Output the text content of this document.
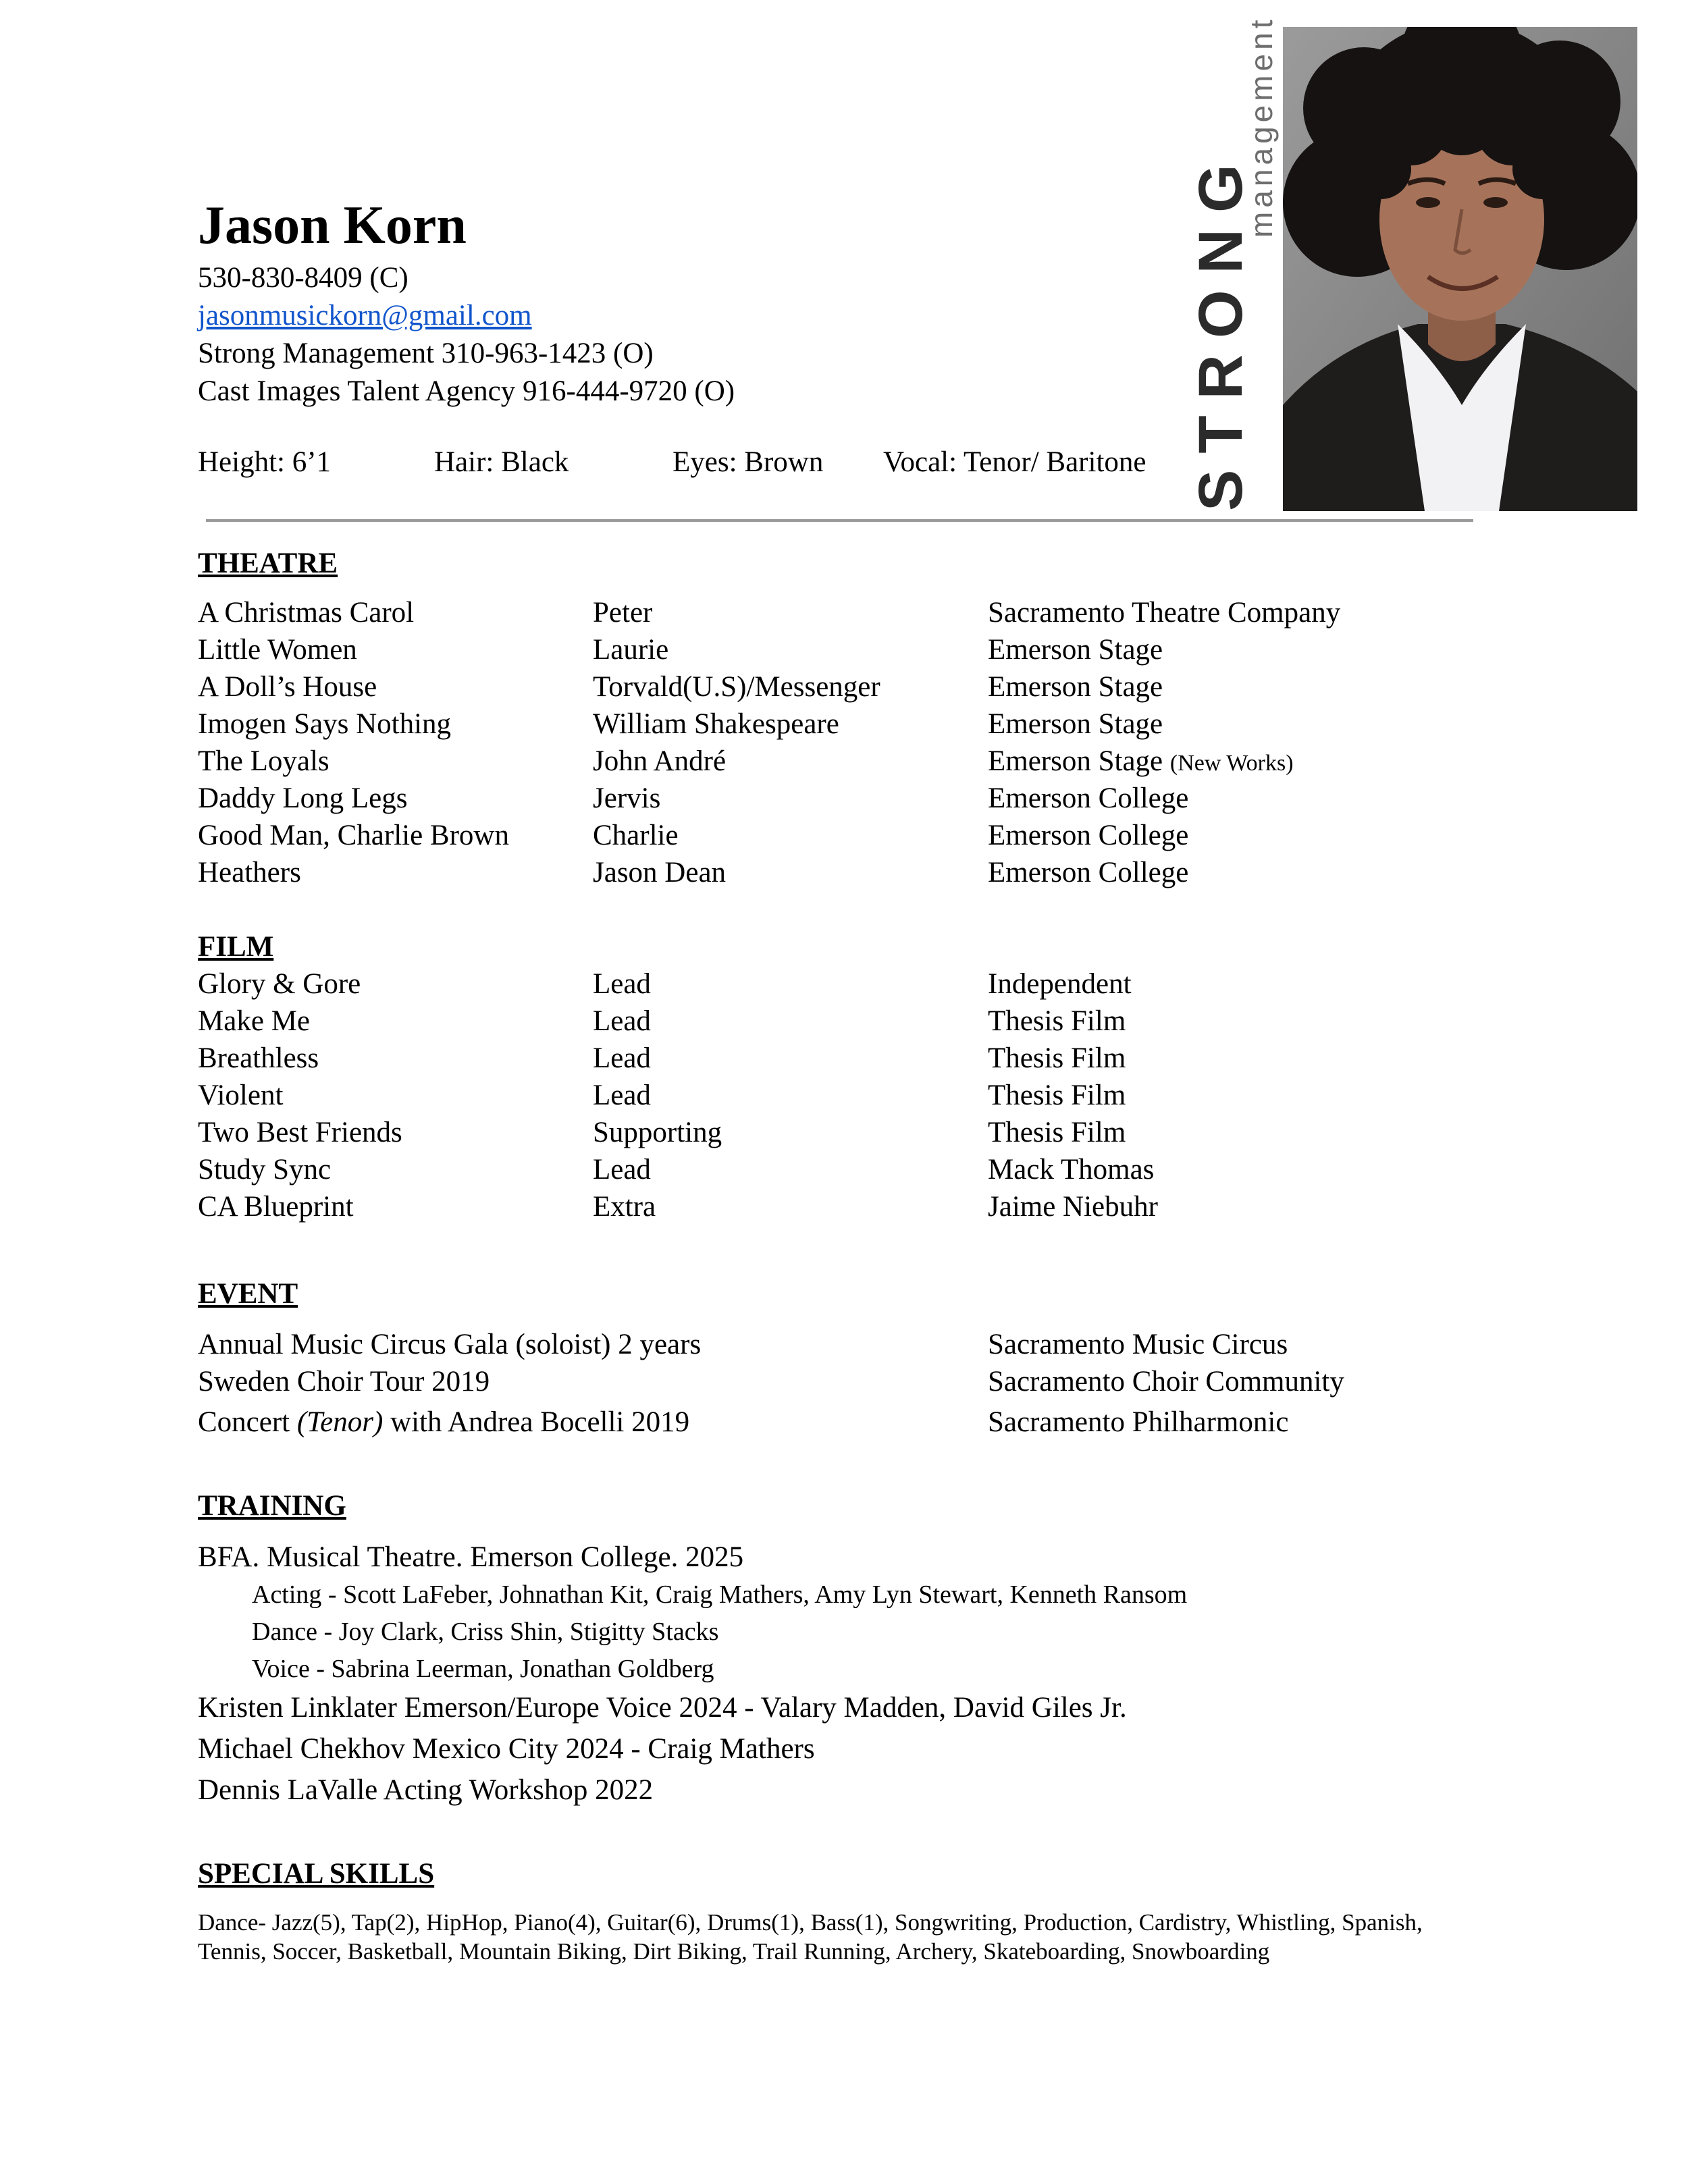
Jason Korn
530-830-8409 (C)
jasonmusickorn@gmail.com
Strong Management 310-963-1423 (O)
Cast Images Talent Agency 916-444-9720 (O)
Height: 6’1	Hair: Black	Eyes: Brown Vocal: Tenor/ Baritone STRONG
management
THEATRE
A Christmas Carol	Peter	Sacramento Theatre Company
Little Women	Laurie	Emerson Stage
A Doll’s House	Torvald(U.S)/Messenger	Emerson Stage
Imogen Says Nothing	William Shakespeare	Emerson Stage
The Loyals	John André	Emerson Stage (New Works)
Daddy Long Legs	Jervis	Emerson College
Good Man, Charlie Brown	Charlie	Emerson College
Heathers	Jason Dean	Emerson College
FILM
Glory & Gore	Lead	Independent
Make Me	Lead	Thesis Film
Breathless	Lead	Thesis Film
Violent	Lead	Thesis Film
Two Best Friends	Supporting	Thesis Film
Study Sync	Lead	Mack Thomas
CA Blueprint	Extra	Jaime Niebuhr
EVENT
Annual Music Circus Gala (soloist) 2 years	Sacramento Music Circus
Sweden Choir Tour 2019	Sacramento Choir Community
Concert (Tenor) with Andrea Bocelli 2019	Sacramento Philharmonic
TRAINING
BFA. Musical Theatre. Emerson College. 2025
Acting - Scott LaFeber, Johnathan Kit, Craig Mathers, Amy Lyn Stewart, Kenneth Ransom
Dance - Joy Clark, Criss Shin, Stigitty Stacks
Voice - Sabrina Leerman, Jonathan Goldberg
Kristen Linklater Emerson/Europe Voice 2024 - Valary Madden, David Giles Jr.
Michael Chekhov Mexico City 2024 - Craig Mathers
Dennis LaValle Acting Workshop 2022
SPECIAL SKILLS
Dance- Jazz(5), Tap(2), HipHop, Piano(4), Guitar(6), Drums(1), Bass(1), Songwriting, Production, Cardistry, Whistling, Spanish,
Tennis, Soccer, Basketball, Mountain Biking, Dirt Biking, Trail Running, Archery, Skateboarding, Snowboarding
